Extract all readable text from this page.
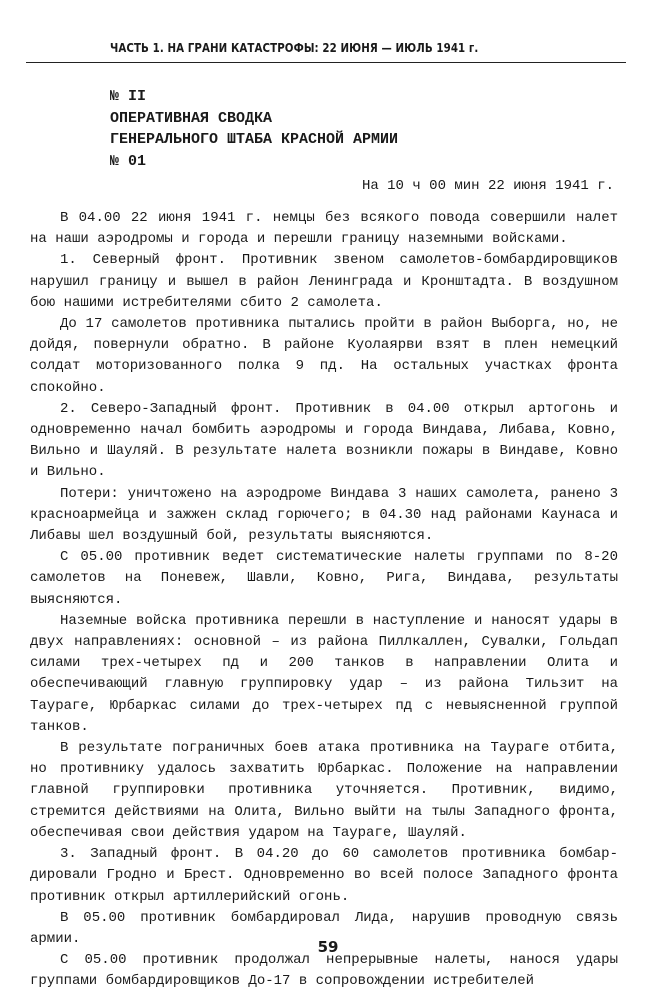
ЧАСТЬ 1. НА ГРАНИ КАТАСТРОФЫ: 22 ИЮНЯ — ИЮЛЬ 1941 г.
№ II
ОПЕРАТИВНАЯ СВОДКА
ГЕНЕРАЛЬНОГО ШТАБА КРАСНОЙ АРМИИ
№ 01
На 10 ч 00 мин 22 июня 1941 г.

В 04.00 22 июня 1941 г. немцы без всякого повода совершили налет на наши аэродромы и города и перешли границу наземными войсками.

1. Северный фронт. Противник звеном самолетов-бомбардировщиков нарушил границу и вышел в район Ленинграда и Кронштадта. В воздушном бою нашими истребителями сбито 2 самолета.

До 17 самолетов противника пытались пройти в район Выборга, но, не дойдя, повернули обратно. В районе Куолаярви взят в плен немецкий солдат моторизованного полка 9 пд. На остальных участках фронта спокойно.

2. Северо-Западный фронт. Противник в 04.00 открыл артогонь и одновременно начал бомбить аэродромы и города Виндава, Либава, Ковно, Вильно и Шауляй. В результате налета возникли пожары в Виндаве, Ковно и Вильно.

Потери: уничтожено на аэродроме Виндава 3 наших самолета, ранено 3 красноармейца и зажжен склад горючего; в 04.30 над районами Каунаса и Либавы шел воздушный бой, результаты выясняются.

С 05.00 противник ведет систематические налеты группами по 8-20 самолетов на Поневеж, Шавли, Ковно, Рига, Виндава, результаты выясняются.

Наземные войска противника перешли в наступление и наносят удары в двух направлениях: основной – из района Пиллкаллен, Сувалки, Гольдап силами трех-четырех пд и 200 танков в направлении Олита и обеспечивающий главную группировку удар – из района Тильзит на Таураге, Юрбаркас силами до трех-четырех пд с невыясненной группой танков.

В результате пограничных боев атака противника на Таураге отбита, но противнику удалось захватить Юрбаркас. Положение на направлении главной группировки противника уточняется. Противник, видимо, стремится действиями на Олита, Вильно выйти на тылы Западного фронта, обеспечивая свои действия ударом на Таураге, Шауляй.

3. Западный фронт. В 04.20 до 60 самолетов противника бомбардировали Гродно и Брест. Одновременно во всей полосе Западного фронта противник открыл артиллерийский огонь.

В 05.00 противник бомбардировал Лида, нарушив проводную связь армии.

С 05.00 противник продолжал непрерывные налеты, нанося удары группами бомбардировщиков До-17 в сопровождении истребителей

59
